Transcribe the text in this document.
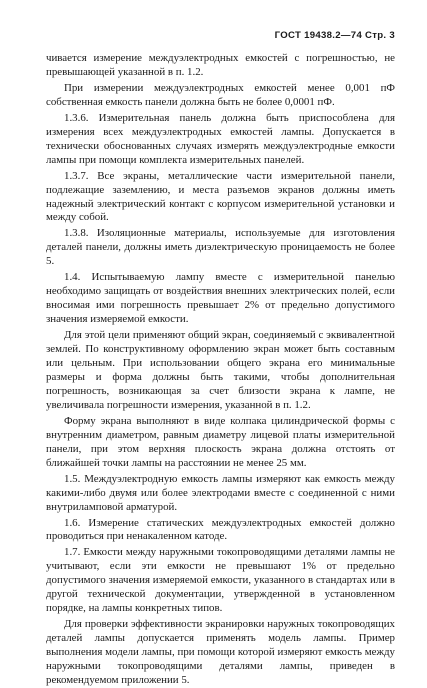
ГОСТ 19438.2—74 Стр. 3

чивается измерение междуэлектродных емкостей с погрешностью, не превышающей указанной в п. 1.2.

При измерении междуэлектродных емкостей менее 0,001 пФ собственная емкость панели должна быть не более 0,0001 пФ.

1.3.6. Измерительная панель должна быть приспособлена для измерения всех междуэлектродных емкостей лампы. Допускается в технически обоснованных случаях измерять междуэлектродные емкости лампы при помощи комплекта измерительных панелей.

1.3.7. Все экраны, металлические части измерительной панели, подлежащие заземлению, и места разъемов экранов должны иметь надежный электрический контакт с корпусом измерительной установки и между собой.

1.3.8. Изоляционные материалы, используемые для изготовления деталей панели, должны иметь диэлектрическую проницаемость не более 5.

1.4. Испытываемую лампу вместе с измерительной панелью необходимо защищать от воздействия внешних электрических полей, если вносимая ими погрешность превышает 2% от предельно допустимого значения измеряемой емкости.

Для этой цели применяют общий экран, соединяемый с эквивалентной землей. По конструктивному оформлению экран может быть составным или цельным. При использовании общего экрана его минимальные размеры и форма должны быть такими, чтобы дополнительная погрешность, возникающая за счет близости экрана к лампе, не увеличивала погрешности измерения, указанной в п. 1.2.

Форму экрана выполняют в виде колпака цилиндрической формы с внутренним диаметром, равным диаметру лицевой платы измерительной панели, при этом верхняя плоскость экрана должна отстоять от ближайшей точки лампы на расстоянии не менее 25 мм.

1.5. Междуэлектродную емкость лампы измеряют как емкость между какими-либо двумя или более электродами вместе с соединенной с ними внутриламповой арматурой.

1.6. Измерение статических междуэлектродных емкостей должно проводиться при ненакаленном катоде.

1.7. Емкости между наружными токопроводящими деталями лампы не учитывают, если эти емкости не превышают 1% от предельно допустимого значения измеряемой емкости, указанного в стандартах или в другой технической документации, утвержденной в установленном порядке, на лампы конкретных типов.

Для проверки эффективности экранировки наружных токопроводящих деталей лампы допускается применять модель лампы. Пример выполнения модели лампы, при помощи которой измеряют емкость между наружными токопроводящими деталями лампы, приведен в рекомендуемом приложении 5.
